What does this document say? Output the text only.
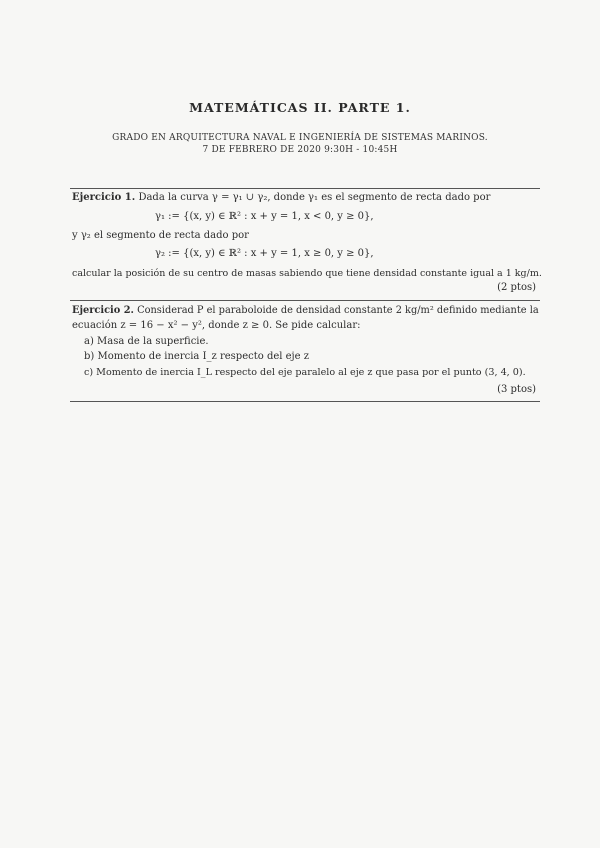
MATEMÁTICAS II. PARTE 1.
GRADO EN ARQUITECTURA NAVAL E INGENIERÍA DE SISTEMAS MARINOS.
7 DE FEBRERO DE 2020 9:30H - 10:45H
Ejercicio 1. Dada la curva γ = γ₁ ∪ γ₂, donde γ₁ es el segmento de recta dado por
γ₁ := {(x, y) ∈ ℝ² : x + y = 1, x < 0, y ≥ 0},
y γ₂ el segmento de recta dado por
γ₂ := {(x, y) ∈ ℝ² : x + y = 1, x ≥ 0, y ≥ 0},
calcular la posición de su centro de masas sabiendo que tiene densidad constante igual a 1 kg/m.
(2 ptos)
Ejercicio 2. Considerad P el paraboloide de densidad constante 2 kg/m² definido mediante la
ecuación z = 16 − x² − y², donde z ≥ 0. Se pide calcular:
a) Masa de la superficie.
b) Momento de inercia I_z respecto del eje z
c) Momento de inercia I_L respecto del eje paralelo al eje z que pasa por el punto (3, 4, 0).
(3 ptos)
